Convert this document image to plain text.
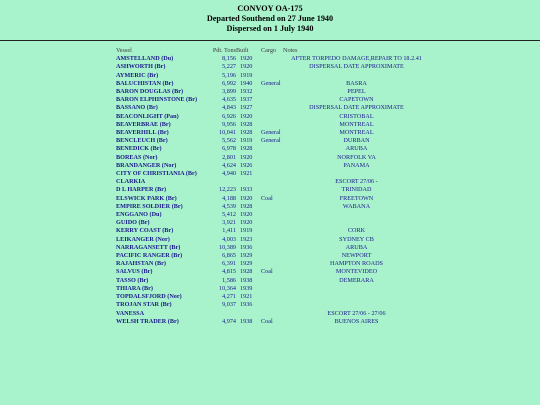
CONVOY OA-175
Departed Southend on 27 June 1940
Dispersed on 1 July 1940
Vessel	Pdt. Tons	Built	Cargo	Notes
AMSTELLAND (Du)	8,156	1920		AFTER TORPEDO DAMAGE,REPAIR TO 18.2.41
ASHWORTH (Br)	5,227	1920		DISPERSAL DATE APPROXIMATE
AYMERIC (Br)	5,196	1919		
BALUCHISTAN (Br)	6,992	1940	General	BASRA
BARON DOUGLAS (Br)	3,899	1932		PEPEL
BARON ELPHINSTONE (Br)	4,635	1937		CAPETOWN
BASSANO (Br)	4,843	1927		DISPERSAL DATE APPROXIMATE
BEACONLIGHT (Pan)	6,926	1920		CRISTOBAL
BEAVERBRAE (Br)	9,956	1928		MONTREAL
BEAVERHILL (Br)	10,041	1928	General	MONTREAL
BENCLEUCH (Br)	5,562	1919	General	DURBAN
BENEDICK (Br)	6,978	1928		ARUBA
BOREAS (Nor)	2,801	1920		NORFOLK VA
BRANDANGER (Nor)	4,624	1926		PANAMA
CITY OF CHRISTIANIA (Br)	4,940	1921		
CLARKIA				ESCORT 27/06 -
D L HARPER (Br)	12,223	1933		TRINIDAD
ELSWICK PARK (Br)	4,188	1920	Coal	FREETOWN
EMPIRE SOLDIER (Br)	4,539	1928		WABANA
ENGGANO (Du)	5,412	1920		
GUIDO (Br)	3,921	1920		
KERRY COAST (Br)	1,411	1919		CORK
LEIKANGER (Nor)	4,003	1923		SYDNEY CB
NARRAGANSETT (Br)	10,389	1936		ARUBA
PACIFIC RANGER (Br)	6,865	1929		NEWPORT
RAJAHSTAN (Br)	6,391	1929		HAMPTON ROADS
SALVUS (Br)	4,815	1928	Coal	MONTEVIDEO
TASSO (Br)	1,586	1938		DEMERARA
THIARA (Br)	10,364	1939		
TOPDALSFJORD (Nor)	4,271	1921		
TROJAN STAR (Br)	9,037	1936		
VANESSA				ESCORT 27/06 - 27/06
WELSH TRADER (Br)	4,974	1938	Coal	BUENOS AIRES
